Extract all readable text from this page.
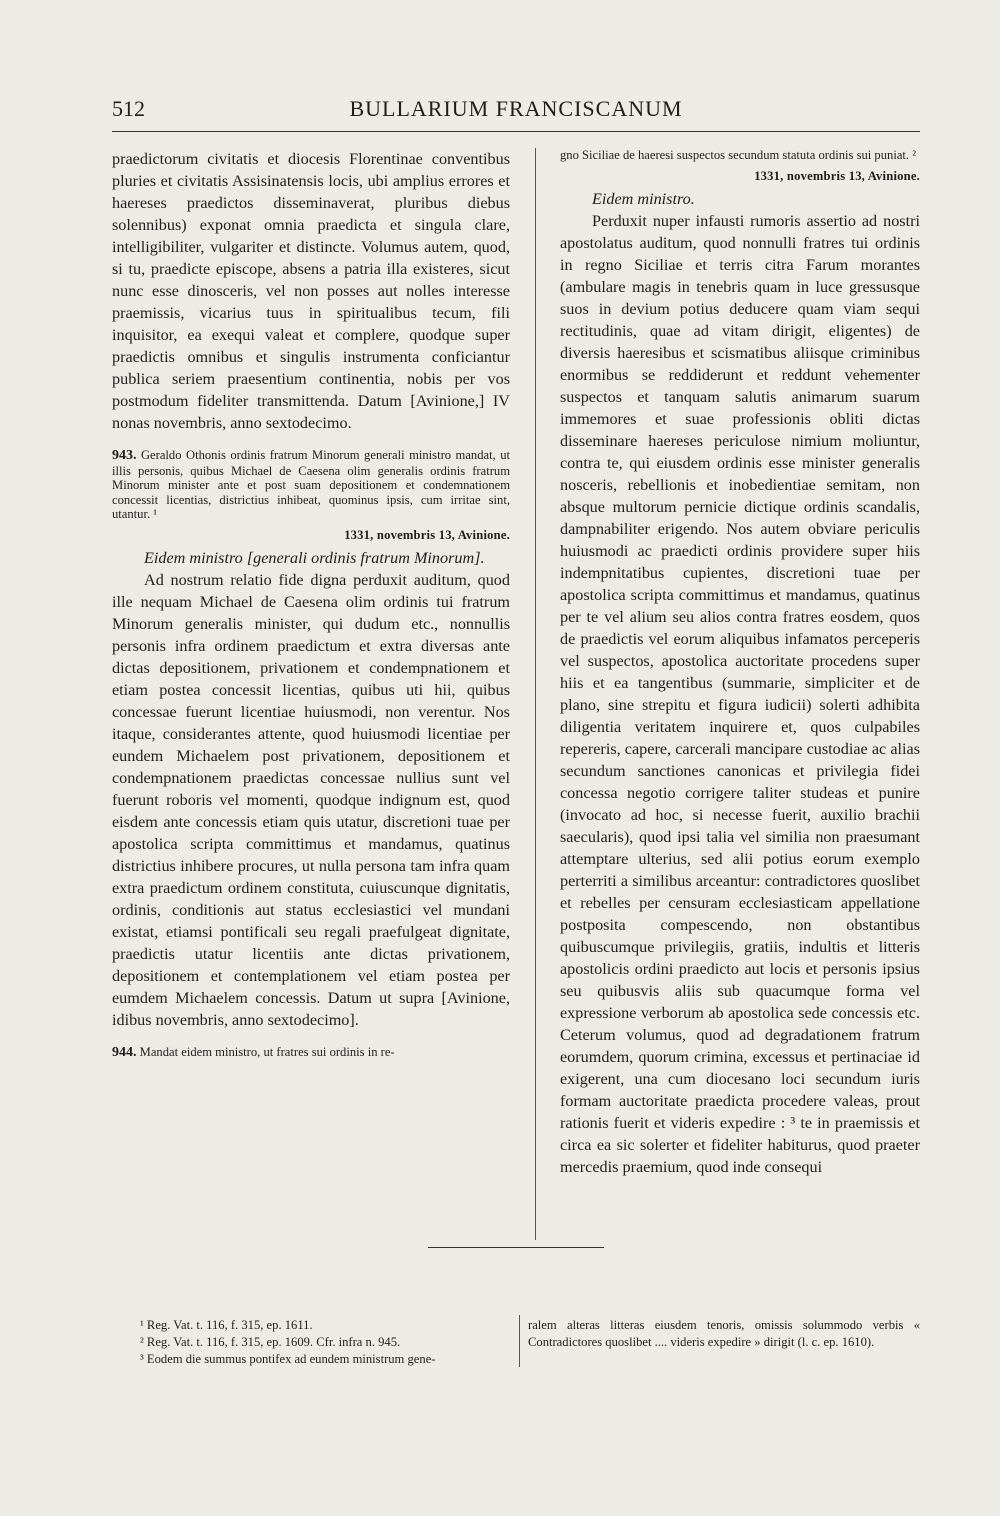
512	BULLARIUM FRANCISCANUM

praedictorum civitatis et diocesis Florentinae conventibus pluries et civitatis Assisinatensis locis, ubi amplius errores et haereses praedictos disseminaverat, pluribus diebus solennibus) exponat omnia praedicta et singula clare, intelligibiliter, vulgariter et distincte. Volumus autem, quod, si tu, praedicte episcope, absens a patria illa existeres, sicut nunc esse dinosceris, vel non posses aut nolles interesse praemissis, vicarius tuus in spiritualibus tecum, fili inquisitor, ea exequi valeat et complere, quodque super praedictis omnibus et singulis instrumenta conficiantur publica seriem praesentium continentia, nobis per vos postmodum fideliter transmittenda. Datum [Avinione,] IV nonas novembris, anno sextodecimo.

943. Geraldo Othonis ordinis fratrum Minorum generali ministro mandat, ut illis personis, quibus Michael de Caesena olim generalis ordinis fratrum Minorum minister ante et post suam depositionem et condemnationem concessit licentias, districtius inhibeat, quominus ipsis, cum irritae sint, utantur. ¹

1331, novembris 13, Avinione.

Eidem ministro [generali ordinis fratrum Minorum].

Ad nostrum relatio fide digna perduxit auditum, quod ille nequam Michael de Caesena olim ordinis tui fratrum Minorum generalis minister, qui dudum etc., nonnullis personis infra ordinem praedictum et extra diversas ante dictas depositionem, privationem et condempnationem et etiam postea concessit licentias, quibus uti hii, quibus concessae fuerunt licentiae huiusmodi, non verentur. Nos itaque, considerantes attente, quod huiusmodi licentiae per eundem Michaelem post privationem, depositionem et condempnationem praedictas concessae nullius sunt vel fuerunt roboris vel momenti, quodque indignum est, quod eisdem ante concessis etiam quis utatur, discretioni tuae per apostolica scripta committimus et mandamus, quatinus districtius inhibere procures, ut nulla persona tam infra quam extra praedictum ordinem constituta, cuiuscunque dignitatis, ordinis, conditionis aut status ecclesiastici vel mundani existat, etiamsi pontificali seu regali praefulgeat dignitate, praedictis utatur licentiis ante dictas privationem, depositionem et contemplationem vel etiam postea per eumdem Michaelem concessis. Datum ut supra [Avinione, idibus novembris, anno sextodecimo].

944. Mandat eidem ministro, ut fratres sui ordinis in re-

gno Siciliae de haeresi suspectos secundum statuta ordinis sui puniat. ²

1331, novembris 13, Avinione.

Eidem ministro.

Perduxit nuper infausti rumoris assertio ad nostri apostolatus auditum, quod nonnulli fratres tui ordinis in regno Siciliae et terris citra Farum morantes (ambulare magis in tenebris quam in luce gressusque suos in devium potius deducere quam viam sequi rectitudinis, quae ad vitam dirigit, eligentes) de diversis haeresibus et scismatibus aliisque criminibus enormibus se reddiderunt et reddunt vehementer suspectos et tanquam salutis animarum suarum immemores et suae professionis obliti dictas disseminare haereses periculose nimium moliuntur, contra te, qui eiusdem ordinis esse minister generalis nosceris, rebellionis et inobedientiae semitam, non absque multorum pernicie dictique ordinis scandalis, dampnabiliter erigendo. Nos autem obviare periculis huiusmodi ac praedicti ordinis providere super hiis indempnitatibus cupientes, discretioni tuae per apostolica scripta committimus et mandamus, quatinus per te vel alium seu alios contra fratres eosdem, quos de praedictis vel eorum aliquibus infamatos perceperis vel suspectos, apostolica auctoritate procedens super hiis et ea tangentibus (summarie, simpliciter et de plano, sine strepitu et figura iudicii) solerti adhibita diligentia veritatem inquirere et, quos culpabiles repereris, capere, carcerali mancipare custodiae ac alias secundum sanctiones canonicas et privilegia fidei concessa negotio corrigere taliter studeas et punire (invocato ad hoc, si necesse fuerit, auxilio brachii saecularis), quod ipsi talia vel similia non praesumant attemptare ulterius, sed alii potius eorum exemplo perterriti a similibus arceantur: contradictores quoslibet et rebelles per censuram ecclesiasticam appellatione postposita compescendo, non obstantibus quibuscumque privilegiis, gratiis, indultis et litteris apostolicis ordini praedicto aut locis et personis ipsius seu quibusvis aliis sub quacumque forma vel expressione verborum ab apostolica sede concessis etc. Ceterum volumus, quod ad degradationem fratrum eorumdem, quorum crimina, excessus et pertinaciae id exigerent, una cum diocesano loci secundum iuris formam auctoritate praedicta procedere valeas, prout rationis fuerit et videris expedire : ³ te in praemissis et circa ea sic solerter et fideliter habiturus, quod praeter mercedis praemium, quod inde consequi

¹ Reg. Vat. t. 116, f. 315, ep. 1611.

² Reg. Vat. t. 116, f. 315, ep. 1609. Cfr. infra n. 945.

³ Eodem die summus pontifex ad eundem ministrum gene-

ralem alteras litteras eiusdem tenoris, omissis solummodo verbis « Contradictores quoslibet .... videris expedire » dirigit (l. c. ep. 1610).
